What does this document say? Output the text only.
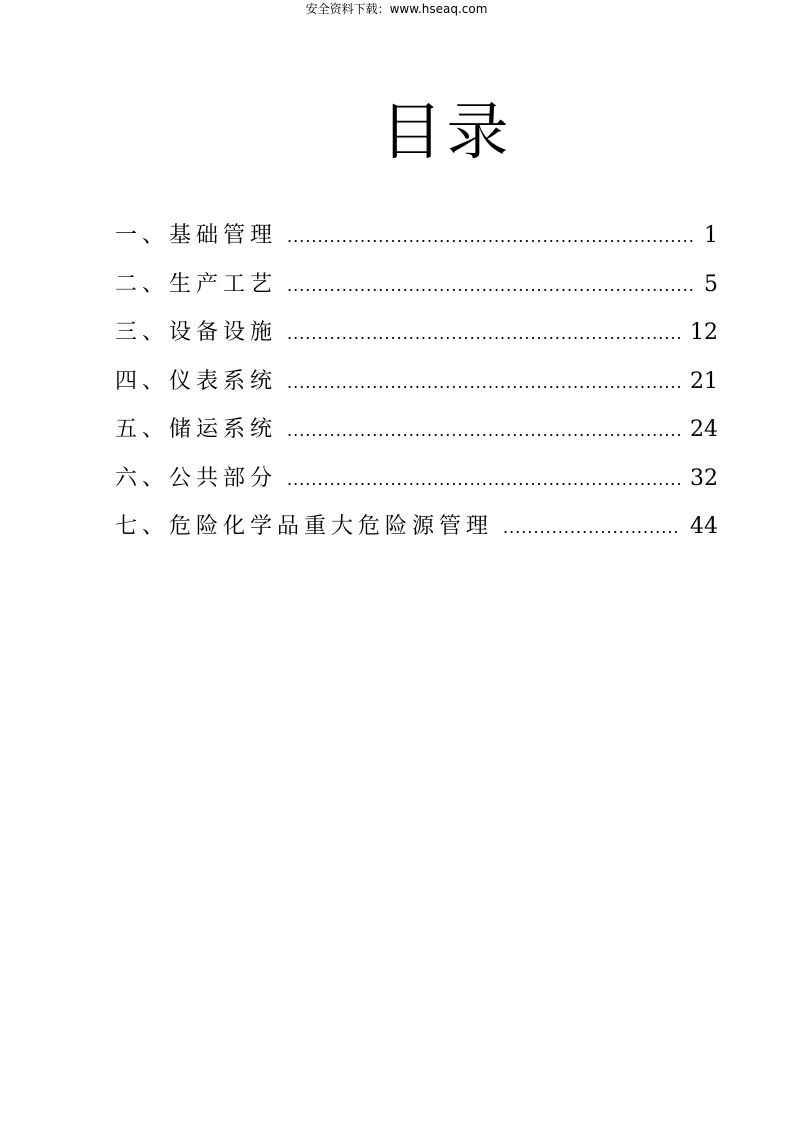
安全资料下载：www.hseaq.com
目录
一、基础管理 .....	1
二、生产工艺 .....	5
三、设备设施 .....	12
四、仪表系统 .....	21
五、储运系统 .....	24
六、公共部分 .....	32
七、危险化学品重大危险源管理 .....	44
